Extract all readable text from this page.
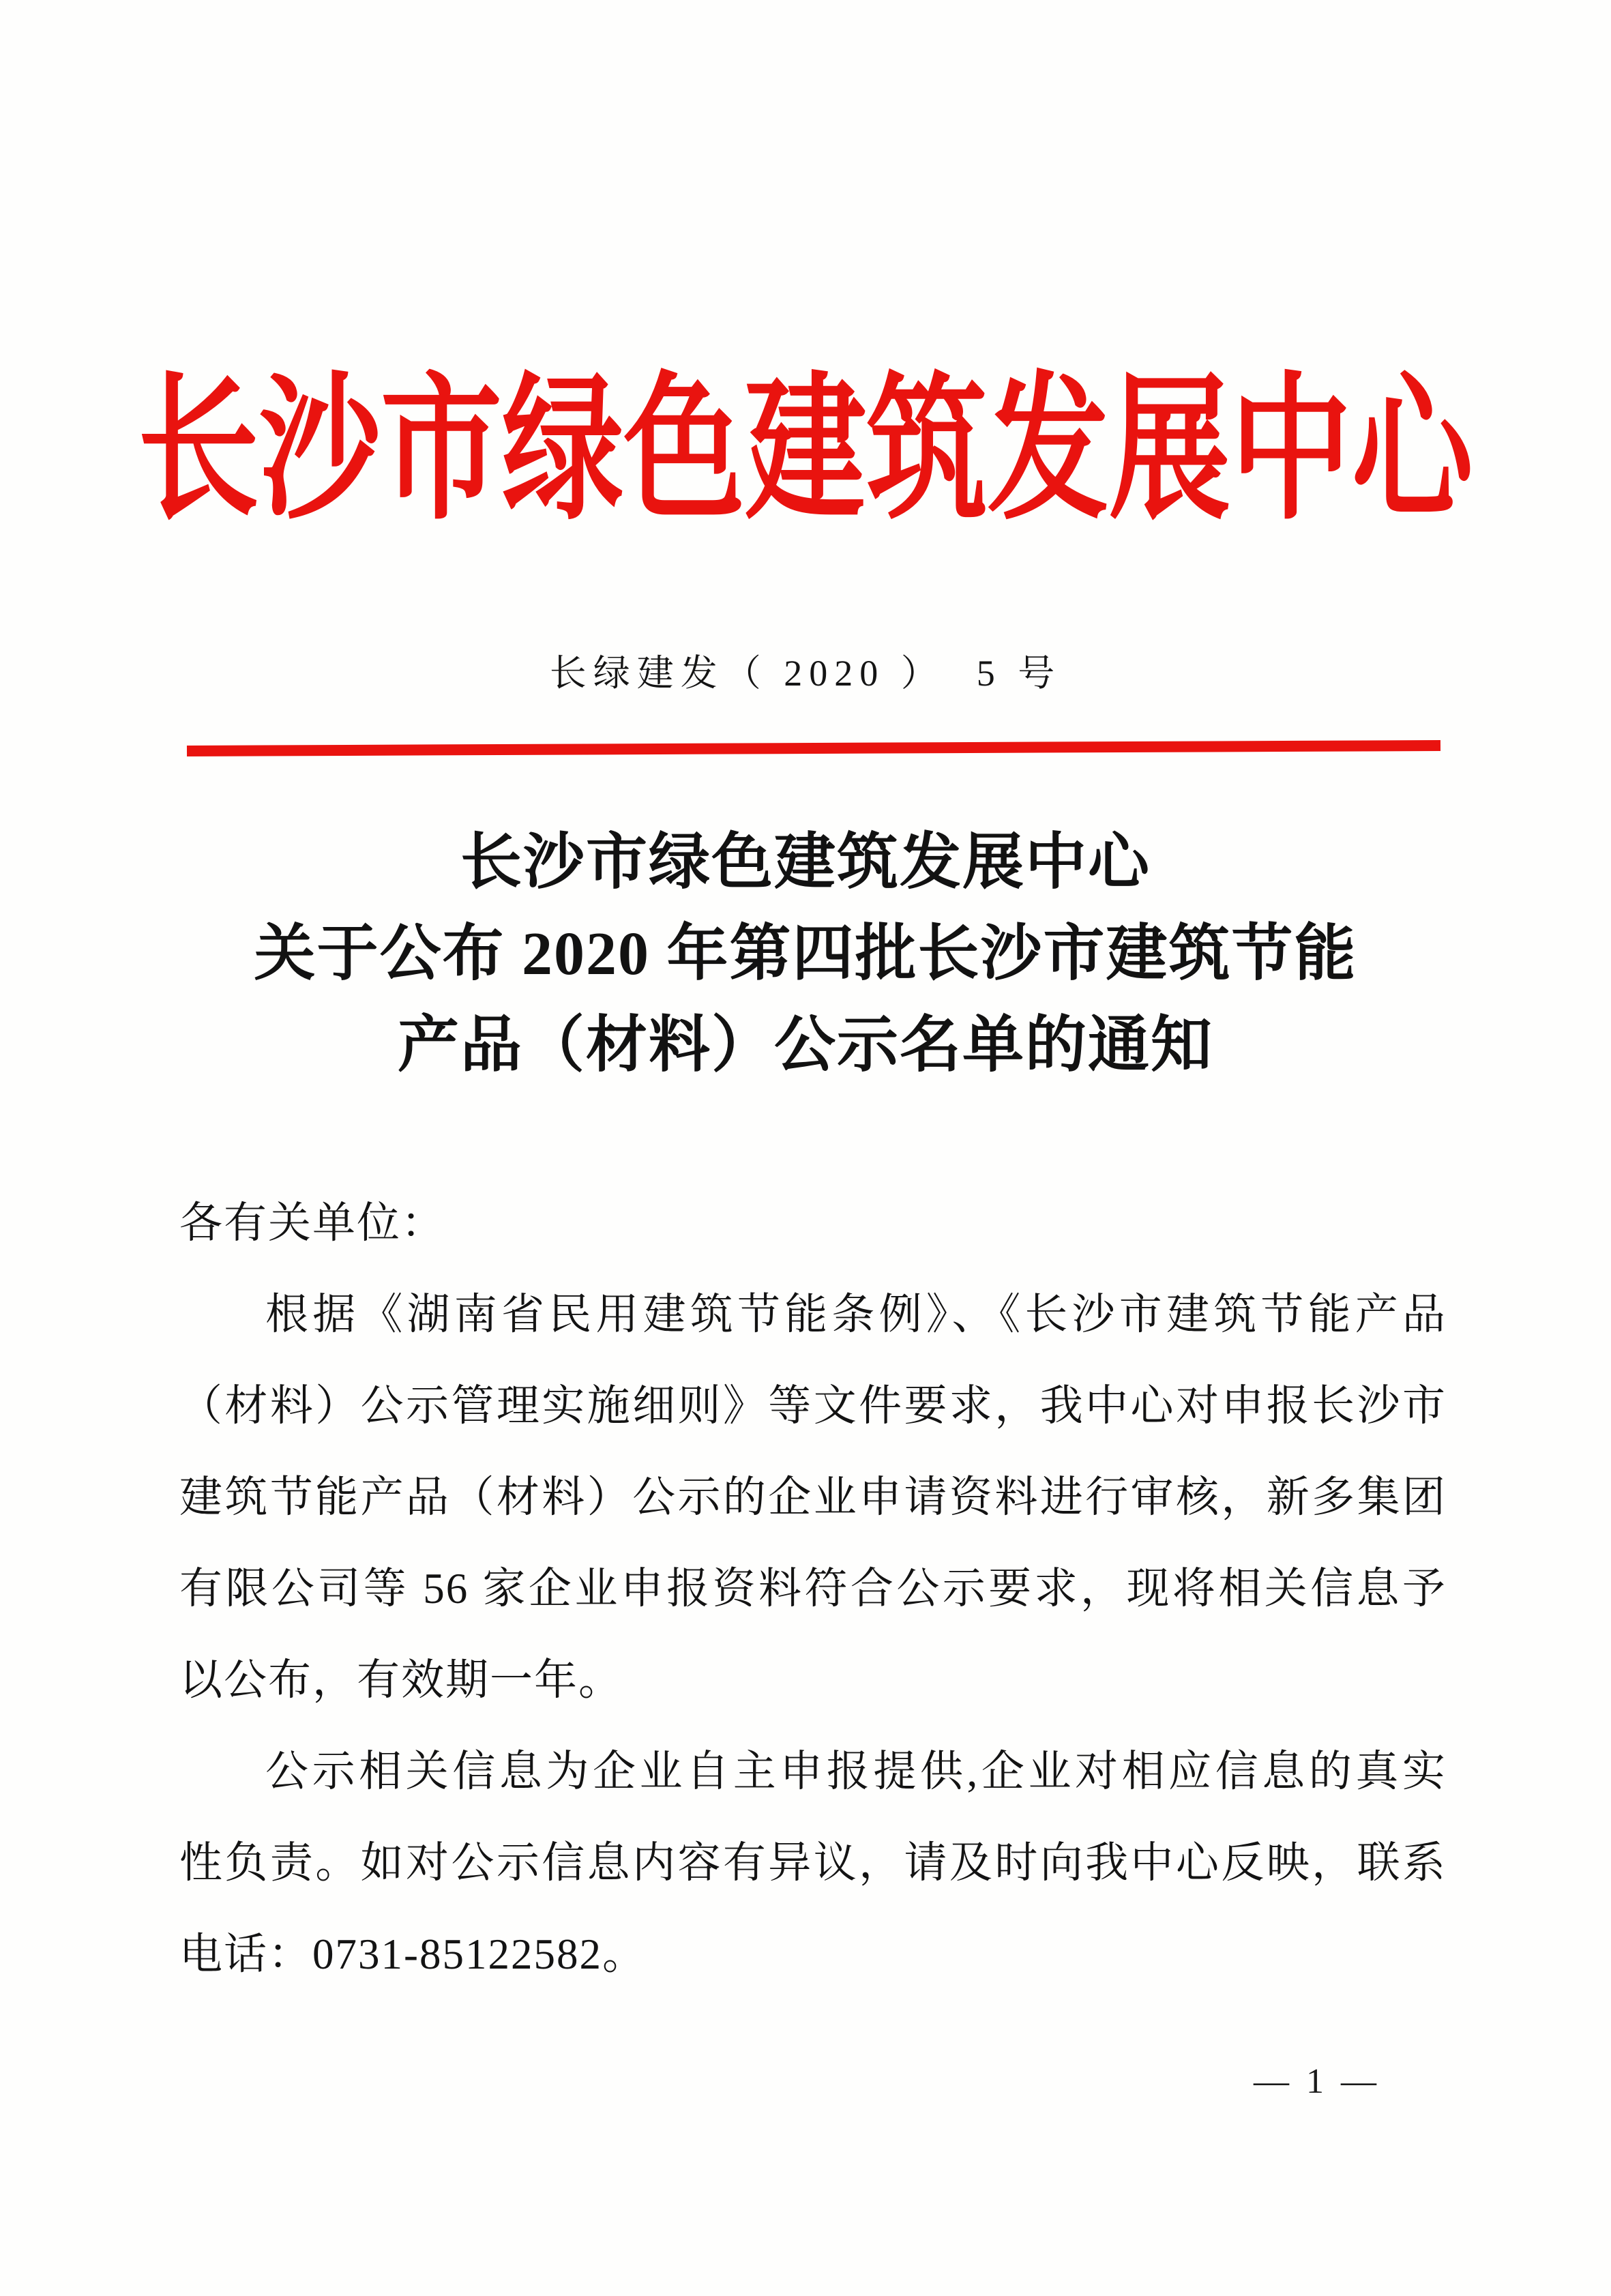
长沙市绿色建筑发展中心
长绿建发（ 2020 ）  5 号
长沙市绿色建筑发展中心
关于公布 2020 年第四批长沙市建筑节能
产品（材料）公示名单的通知
各有关单位：
根据《湖南省民用建筑节能条例》、《长沙市建筑节能产品
（材料）公示管理实施细则》等文件要求，我中心对申报长沙市
建筑节能产品（材料）公示的企业申请资料进行审核，新多集团
有限公司等 56 家企业申报资料符合公示要求，现将相关信息予
以公布，有效期一年。
公示相关信息为企业自主申报提供,企业对相应信息的真实
性负责。如对公示信息内容有异议，请及时向我中心反映，联系
电话：0731-85122582。
— 1 —
